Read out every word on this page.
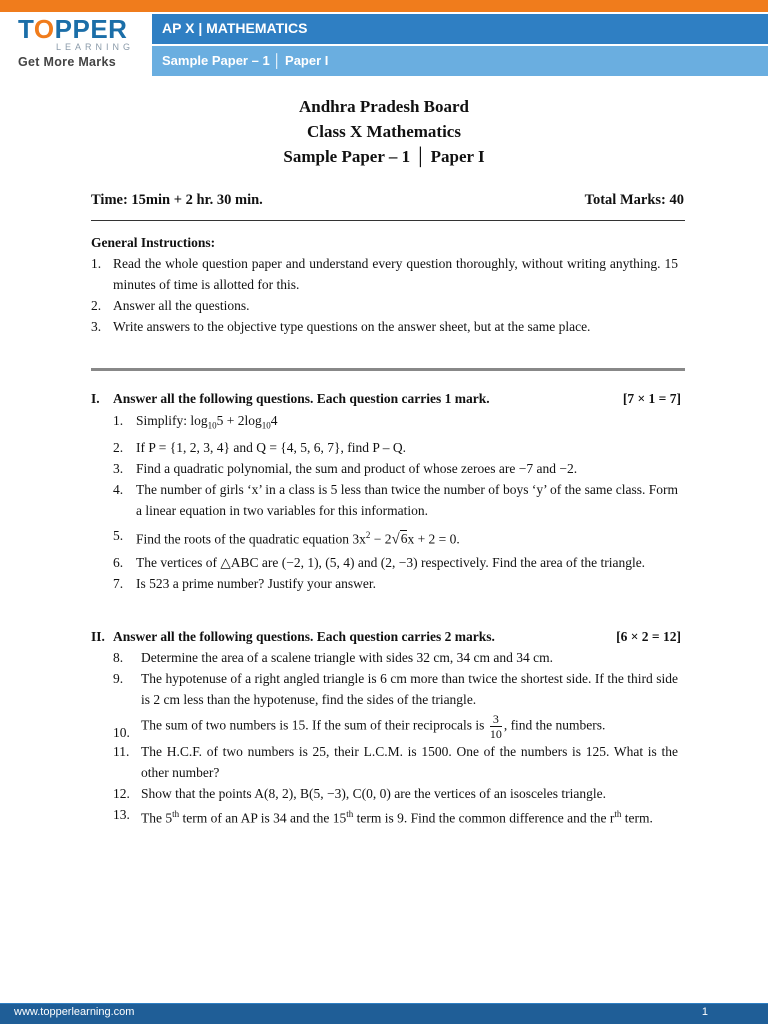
TOPPER
LEARNING
Get More Marks
AP X | MATHEMATICS
Sample Paper – 1 │ Paper I
Andhra Pradesh Board
Class X Mathematics
Sample Paper – 1 │ Paper I
Time: 15min + 2 hr. 30 min.	Total Marks: 40
General Instructions:
1. Read the whole question paper and understand every question thoroughly, without writing anything. 15 minutes of time is allotted for this.
2. Answer all the questions.
3. Write answers to the objective type questions on the answer sheet, but at the same place.
I. Answer all the following questions. Each question carries 1 mark.	[7 × 1 = 7]
1. Simplify: $\log_{10}5 + 2\log_{10}4$
2. If P = {1, 2, 3, 4} and Q = {4, 5, 6, 7}, find P – Q.
3. Find a quadratic polynomial, the sum and product of whose zeroes are −7 and −2.
4. The number of girls ‘x’ in a class is 5 less than twice the number of boys ‘y’ of the same class. Form a linear equation in two variables for this information.
5. Find the roots of the quadratic equation $3x^2 - 2√6x + 2 = 0$.
6. The vertices of △ABC are (−2, 1), (5, 4) and (2, −3) respectively. Find the area of the triangle.
7. Is 523 a prime number? Justify your answer.
II. Answer all the following questions. Each question carries 2 marks.	[6 × 2 = 12]
8. Determine the area of a scalene triangle with sides 32 cm, 34 cm and 34 cm.
9. The hypotenuse of a right angled triangle is 6 cm more than twice the shortest side. If the third side is 2 cm less than the hypotenuse, find the sides of the triangle.
10. The sum of two numbers is 15. If the sum of their reciprocals is $\frac{3}{10}$ , find the numbers.
11. The H.C.F. of two numbers is 25, their L.C.M. is 1500. One of the numbers is 125. What is the other number?
12. Show that the points A(8, 2), B(5, −3), C(0, 0) are the vertices of an isosceles triangle.
13. The 5th term of an AP is 34 and the 15th term is 9. Find the common difference and the $r^{th}$ term.
www.topperlearning.com	1
